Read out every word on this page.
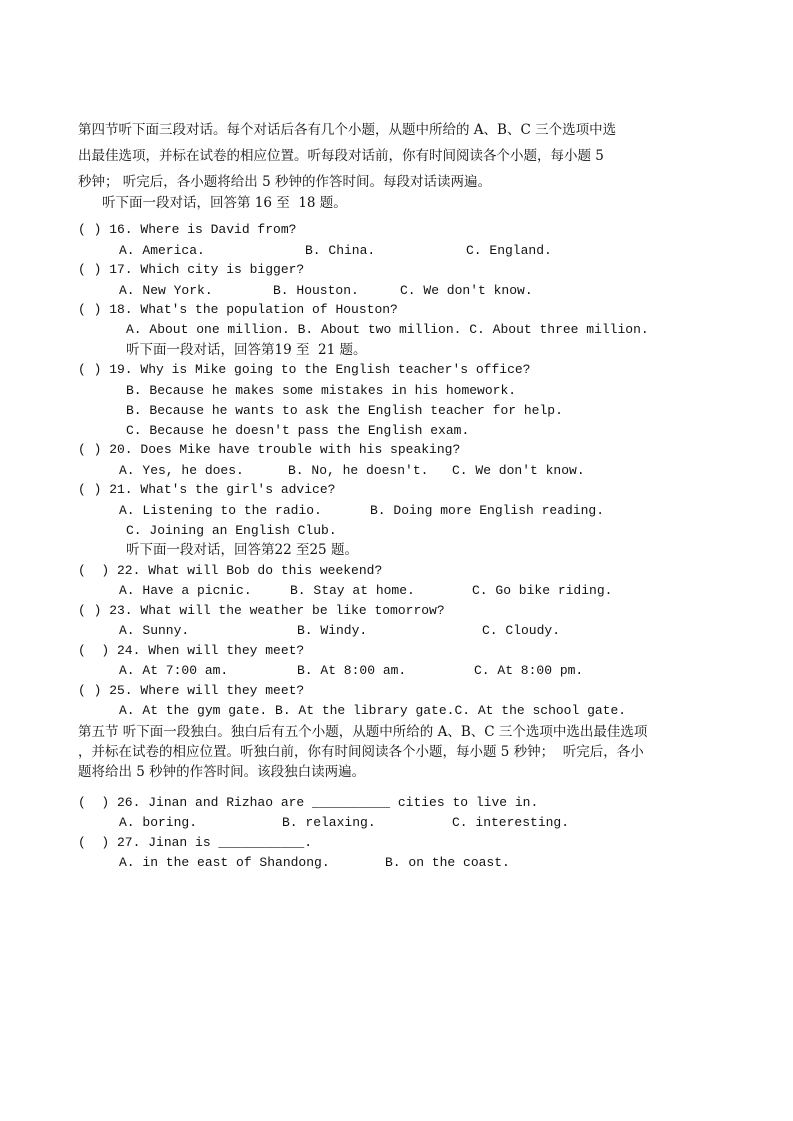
第四节听下面三段对话。每个对话后各有几个小题，从题中所给的 A、B、C 三个选项中选
出最佳选项，并标在试卷的相应位置。听每段对话前，你有时间阅读各个小题，每小题 5
秒钟； 听完后，各小题将给出 5 秒钟的作答时间。每段对话读两遍。
听下面一段对话，回答第 16 至  18 题。
( ) 16. Where is David from?
A. America.	B. China.	C. England.
( ) 17. Which city is bigger?
A. New York.	B. Houston.	C. We don't know.
( ) 18. What's the population of Houston?
A. About one million. B. About two million. C. About three million.
听下面一段对话，回答第19 至  21 题。
( ) 19. Why is Mike going to the English teacher's office?
B. Because he makes some mistakes in his homework.
B. Because he wants to ask the English teacher for help.
C. Because he doesn't pass the English exam.
( ) 20. Does Mike have trouble with his speaking?
A. Yes, he does.	B. No, he doesn't. C. We don't know.
( ) 21. What's the girl's advice?
A. Listening to the radio.	B. Doing more English reading.
C. Joining an English Club.
听下面一段对话，回答第22 至25 题。
(  ) 22. What will Bob do this weekend?
A. Have a picnic.	B. Stay at home.	C. Go bike riding.
( ) 23. What will the weather be like tomorrow?
A. Sunny.	B. Windy.	C. Cloudy.
(  ) 24. When will they meet?
A. At 7:00 am.	B. At 8:00 am.	C. At 8:00 pm.
( ) 25. Where will they meet?
A. At the gym gate. B. At the library gate.C. At the school gate.
第五节 听下面一段独白。独白后有五个小题，从题中所给的 A、B、C 三个选项中选出最佳选项
，并标在试卷的相应位置。听独白前，你有时间阅读各个小题，每小题 5 秒钟；  听完后，各小
题将给出 5 秒钟的作答时间。该段独白读两遍。
(  ) 26. Jinan and Rizhao are __________ cities to live in.
A. boring.	B. relaxing.	C. interesting.
(  ) 27. Jinan is ___________.
A. in the east of Shandong.	B. on the coast.
